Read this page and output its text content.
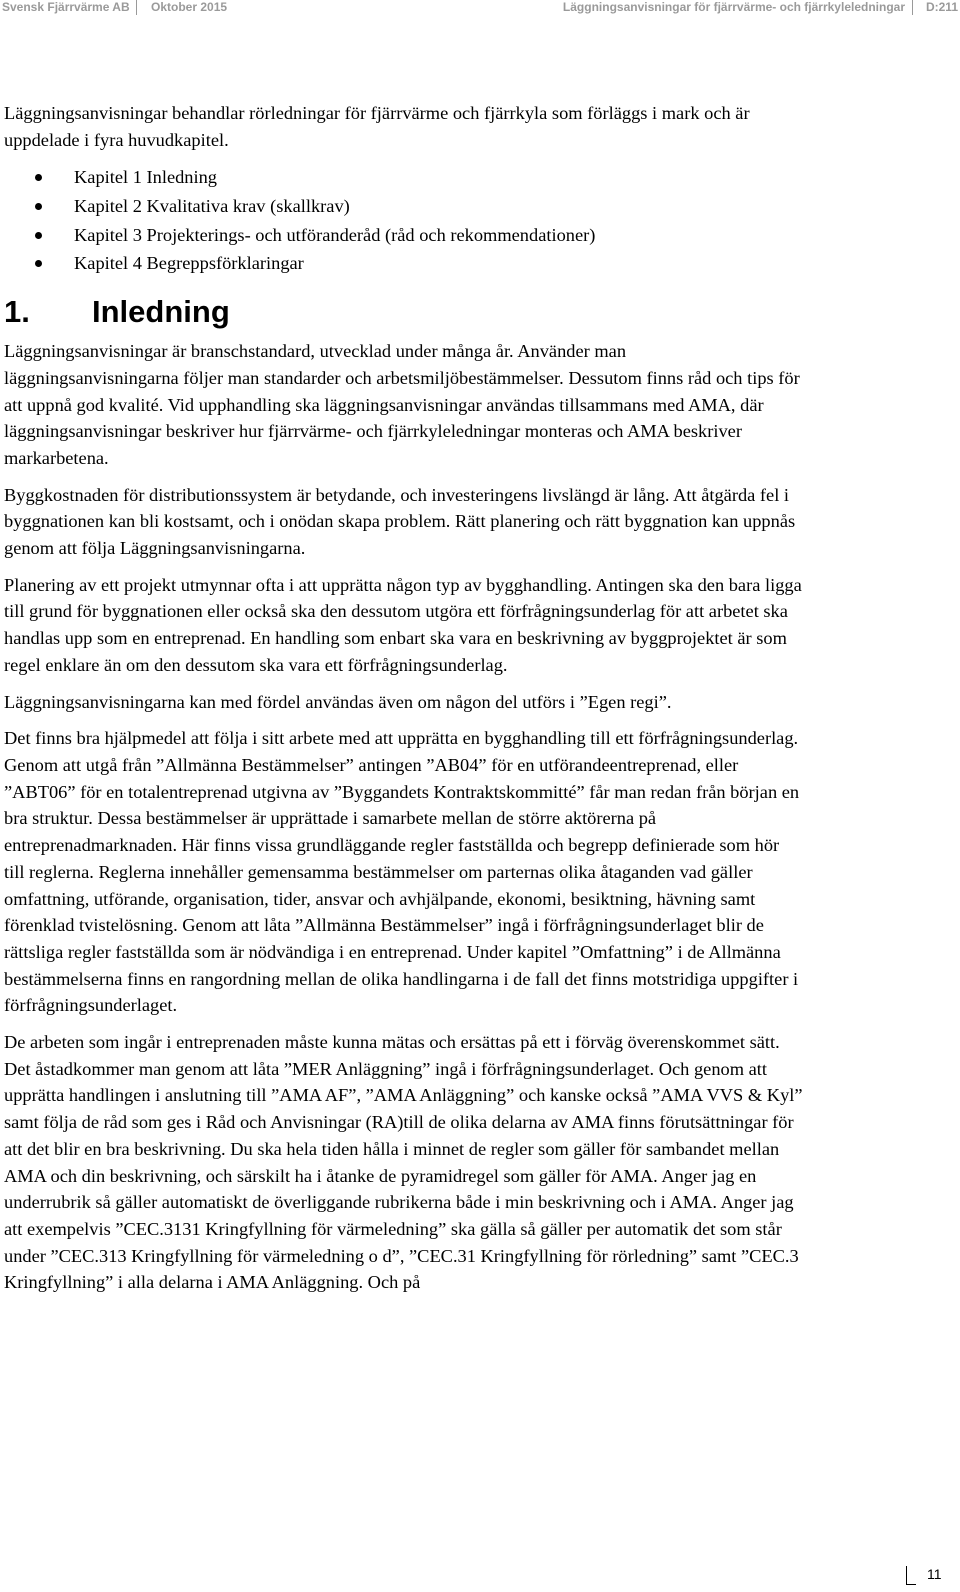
Svensk Fjärrvärme AB Oktober 2015	Läggningsanvisningar för fjärrvärme- och fjärrkyleledningar D:211

Läggningsanvisningar behandlar rörledningar för fjärrvärme och fjärrkyla som förläggs i mark och är uppdelade i fyra huvudkapitel.

Kapitel 1 Inledning
Kapitel 2 Kvalitativa krav (skallkrav)
Kapitel 3 Projekterings- och utföranderåd (råd och rekommendationer)
Kapitel 4 Begreppsförklaringar
1. Inledning

Läggningsanvisningar är branschstandard, utvecklad under många år. Använder man läggningsanvisningarna följer man standarder och arbetsmiljöbestämmelser. Dessutom finns råd och tips för att uppnå god kvalité. Vid upphandling ska läggningsanvisningar användas tillsammans med AMA, där läggningsanvisningar beskriver hur fjärrvärme- och fjärrkyleledningar monteras och AMA beskriver markarbetena.

Byggkostnaden för distributionssystem är betydande, och investeringens livslängd är lång. Att åtgärda fel i byggnationen kan bli kostsamt, och i onödan skapa problem. Rätt planering och rätt byggnation kan uppnås genom att följa Läggningsanvisningarna.

Planering av ett projekt utmynnar ofta i att upprätta någon typ av bygghandling. Antingen ska den bara ligga till grund för byggnationen eller också ska den dessutom utgöra ett förfrågningsunderlag för att arbetet ska handlas upp som en entreprenad. En handling som enbart ska vara en beskrivning av byggprojektet är som regel enklare än om den dessutom ska vara ett förfrågningsunderlag.

Läggningsanvisningarna kan med fördel användas även om någon del utförs i ”Egen regi”.

Det finns bra hjälpmedel att följa i sitt arbete med att upprätta en bygghandling till ett förfrågningsunderlag. Genom att utgå från ”Allmänna Bestämmelser” antingen ”AB04” för en utförandeentreprenad, eller ”ABT06” för en totalentreprenad utgivna av ”Byggandets Kontraktskommitté” får man redan från början en bra struktur. Dessa bestämmelser är upprättade i samarbete mellan de större aktörerna på entreprenadmarknaden. Här finns vissa grundläggande regler fastställda och begrepp definierade som hör till reglerna. Reglerna innehåller gemensamma bestämmelser om parternas olika åtaganden vad gäller omfattning, utförande, organisation, tider, ansvar och avhjälpande, ekonomi, besiktning, hävning samt förenklad tvistelösning. Genom att låta ”Allmänna Bestämmelser” ingå i förfrågningsunderlaget blir de rättsliga regler fastställda som är nödvändiga i en entreprenad. Under kapitel ”Omfattning” i de Allmänna bestämmelserna finns en rangordning mellan de olika handlingarna i de fall det finns motstridiga uppgifter i förfrågningsunderlaget.

De arbeten som ingår i entreprenaden måste kunna mätas och ersättas på ett i förväg överenskommet sätt. Det åstadkommer man genom att låta ”MER Anläggning” ingå i förfrågningsunderlaget. Och genom att upprätta handlingen i anslutning till ”AMA AF”, ”AMA Anläggning” och kanske också ”AMA VVS & Kyl” samt följa de råd som ges i Råd och Anvisningar (RA)till de olika delarna av AMA finns förutsättningar för att det blir en bra beskrivning. Du ska hela tiden hålla i minnet de regler som gäller för sambandet mellan AMA och din beskrivning, och särskilt ha i åtanke de pyramidregel som gäller för AMA. Anger jag en underrubrik så gäller automatiskt de överliggande rubrikerna både i min beskrivning och i AMA. Anger jag att exempelvis ”CEC.3131 Kringfyllning för värmeledning” ska gälla så gäller per automatik det som står under ”CEC.313 Kringfyllning för värmeledning o d”, ”CEC.31 Kringfyllning för rörledning” samt ”CEC.3 Kringfyllning” i alla delarna i AMA Anläggning. Och på

11
